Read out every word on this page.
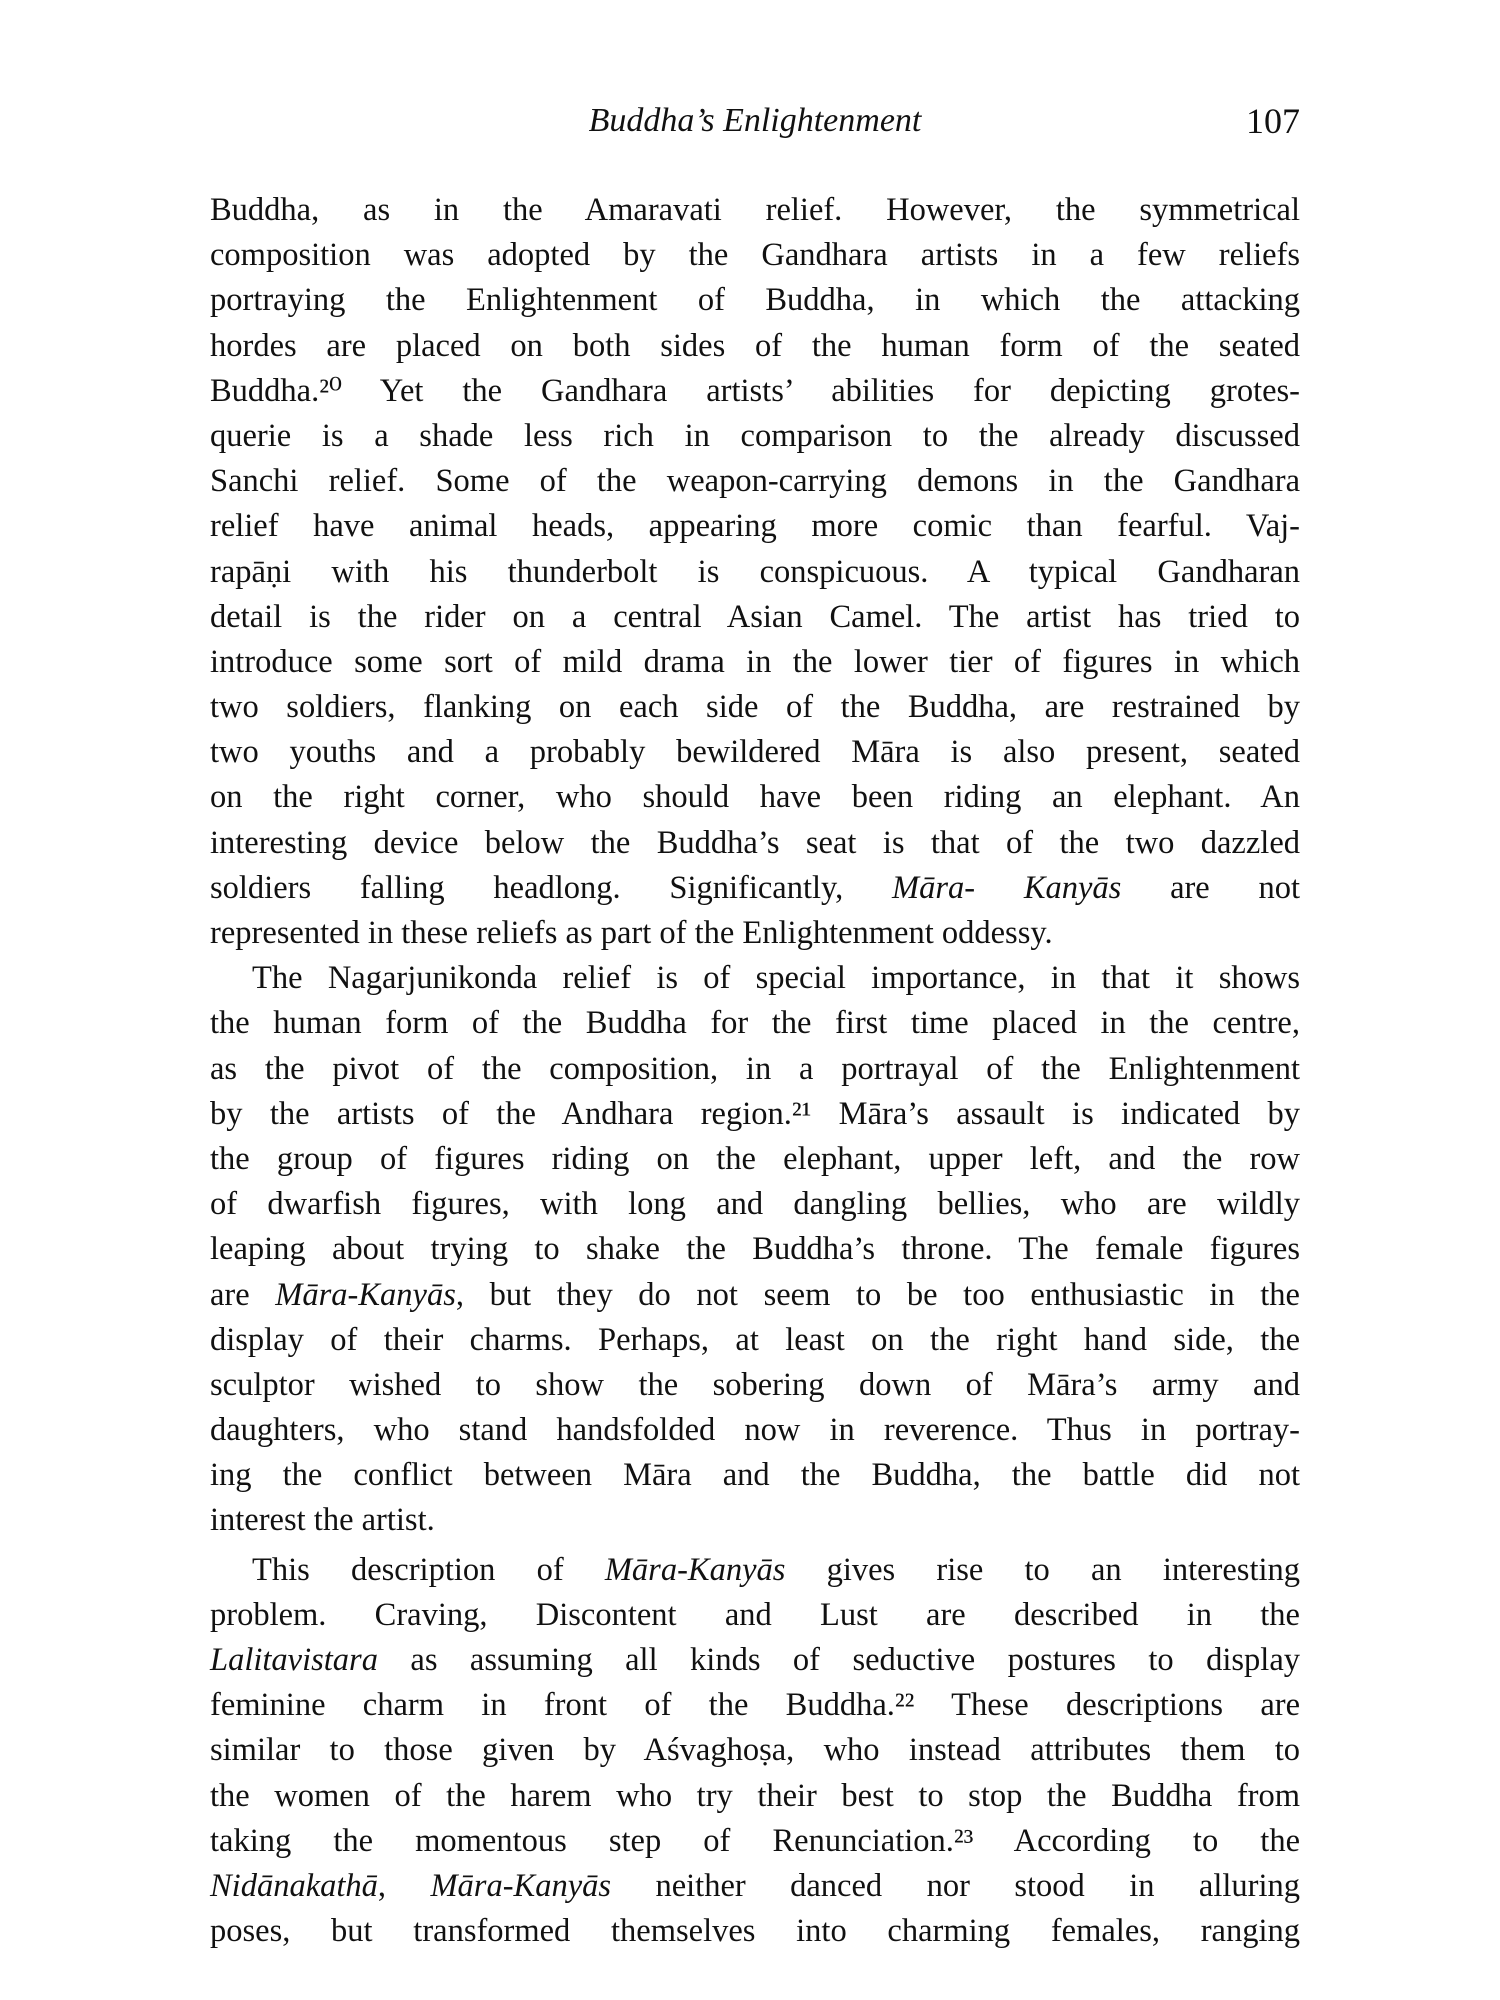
Buddha’s Enlightenment	107
Buddha, as in the Amaravati relief. However, the symmetrical
composition was adopted by the Gandhara artists in a few reliefs
portraying the Enlightenment of Buddha, in which the attacking
hordes are placed on both sides of the human form of the seated
Buddha.²⁰ Yet the Gandhara artists’ abilities for depicting grotes-
querie is a shade less rich in comparison to the already discussed
Sanchi relief. Some of the weapon-carrying demons in the Gandhara
relief have animal heads, appearing more comic than fearful. Vaj-
rapāṇi with his thunderbolt is conspicuous. A typical Gandharan
detail is the rider on a central Asian Camel. The artist has tried to
introduce some sort of mild drama in the lower tier of figures in which
two soldiers, flanking on each side of the Buddha, are restrained by
two youths and a probably bewildered Māra is also present, seated
on the right corner, who should have been riding an elephant. An
interesting device below the Buddha’s seat is that of the two dazzled
soldiers falling headlong. Significantly, Māra- Kanyās are not
represented in these reliefs as part of the Enlightenment oddessy.
The Nagarjunikonda relief is of special importance, in that it shows
the human form of the Buddha for the first time placed in the centre,
as the pivot of the composition, in a portrayal of the Enlightenment
by the artists of the Andhara region.²¹ Māra’s assault is indicated by
the group of figures riding on the elephant, upper left, and the row
of dwarfish figures, with long and dangling bellies, who are wildly
leaping about trying to shake the Buddha’s throne. The female figures
are Māra-Kanyās, but they do not seem to be too enthusiastic in the
display of their charms. Perhaps, at least on the right hand side, the
sculptor wished to show the sobering down of Māra’s army and
daughters, who stand handsfolded now in reverence. Thus in portray-
ing the conflict between Māra and the Buddha, the battle did not
interest the artist.
This description of Māra-Kanyās gives rise to an interesting
problem. Craving, Discontent and Lust are described in the
Lalitavistara as assuming all kinds of seductive postures to display
feminine charm in front of the Buddha.²² These descriptions are
similar to those given by Aśvaghoṣa, who instead attributes them to
the women of the harem who try their best to stop the Buddha from
taking the momentous step of Renunciation.²³ According to the
Nidānakathā, Māra-Kanyās neither danced nor stood in alluring
poses, but transformed themselves into charming females, ranging
